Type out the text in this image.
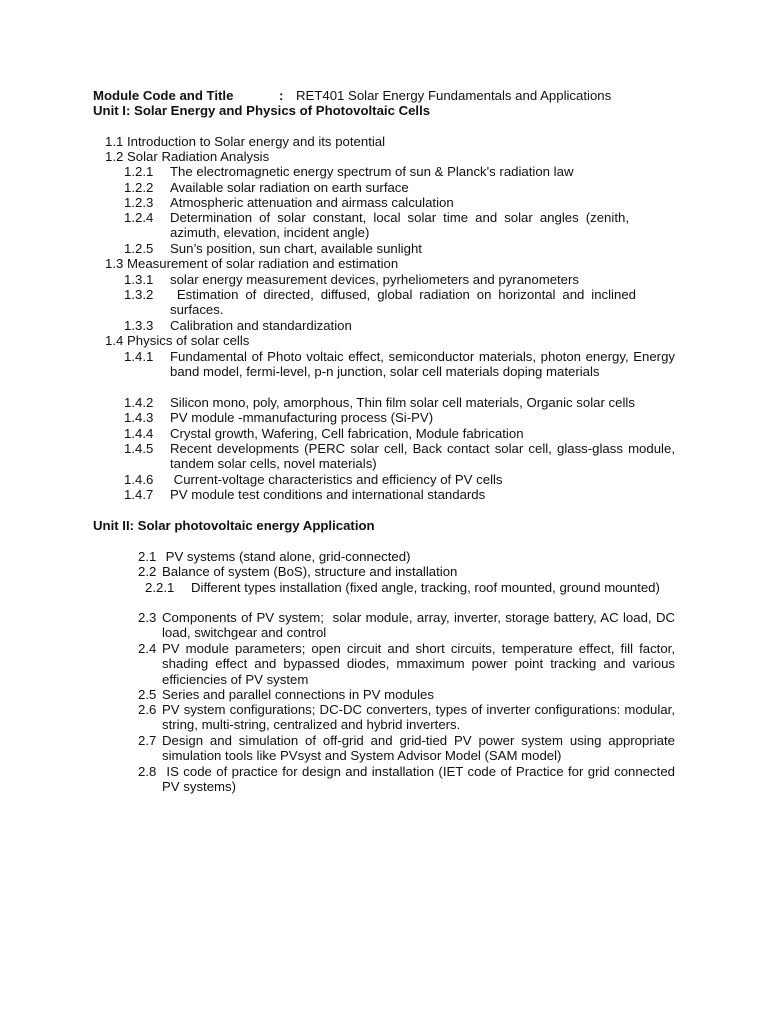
Module Code and Title	: RET401 Solar Energy Fundamentals and Applications
Unit I: Solar Energy and Physics of Photovoltaic Cells
1.1 Introduction to Solar energy and its potential
1.2 Solar Radiation Analysis
1.2.1 The electromagnetic energy spectrum of sun & Planck's radiation law
1.2.2 Available solar radiation on earth surface
1.2.3 Atmospheric attenuation and airmass calculation
1.2.4 Determination of solar constant, local solar time and solar angles (zenith, azimuth, elevation, incident angle)
1.2.5 Sun’s position, sun chart, available sunlight
1.3 Measurement of solar radiation and estimation
1.3.1 solar energy measurement devices, pyrheliometers and pyranometers
1.3.2 Estimation of directed, diffused, global radiation on horizontal and inclined surfaces.
1.3.3 Calibration and standardization
1.4 Physics of solar cells
1.4.1 Fundamental of Photo voltaic effect, semiconductor materials, photon energy, Energy band model, fermi-level, p-n junction, solar cell materials doping materials
1.4.2 Silicon mono, poly, amorphous, Thin film solar cell materials, Organic solar cells
1.4.3 PV module -mmanufacturing process (Si-PV)
1.4.4 Crystal growth, Wafering, Cell fabrication, Module fabrication
1.4.5 Recent developments (PERC solar cell, Back contact solar cell, glass-glass module, tandem solar cells, novel materials)
1.4.6 Current-voltage characteristics and efficiency of PV cells
1.4.7 PV module test conditions and international standards
Unit II: Solar photovoltaic energy Application
2.1 PV systems (stand alone, grid-connected)
2.2 Balance of system (BoS), structure and installation
2.2.1 Different types installation (fixed angle, tracking, roof mounted, ground mounted)
2.3 Components of PV system;  solar module, array, inverter, storage battery, AC load, DC load, switchgear and control
2.4 PV module parameters; open circuit and short circuits, temperature effect, fill factor, shading effect and bypassed diodes, mmaximum power point tracking and various efficiencies of PV system
2.5 Series and parallel connections in PV modules
2.6 PV system configurations; DC-DC converters, types of inverter configurations: modular, string, multi-string, centralized and hybrid inverters.
2.7 Design and simulation of off-grid and grid-tied PV power system using appropriate simulation tools like PVsyst and System Advisor Model (SAM model)
2.8 IS code of practice for design and installation (IET code of Practice for grid connected PV systems)
